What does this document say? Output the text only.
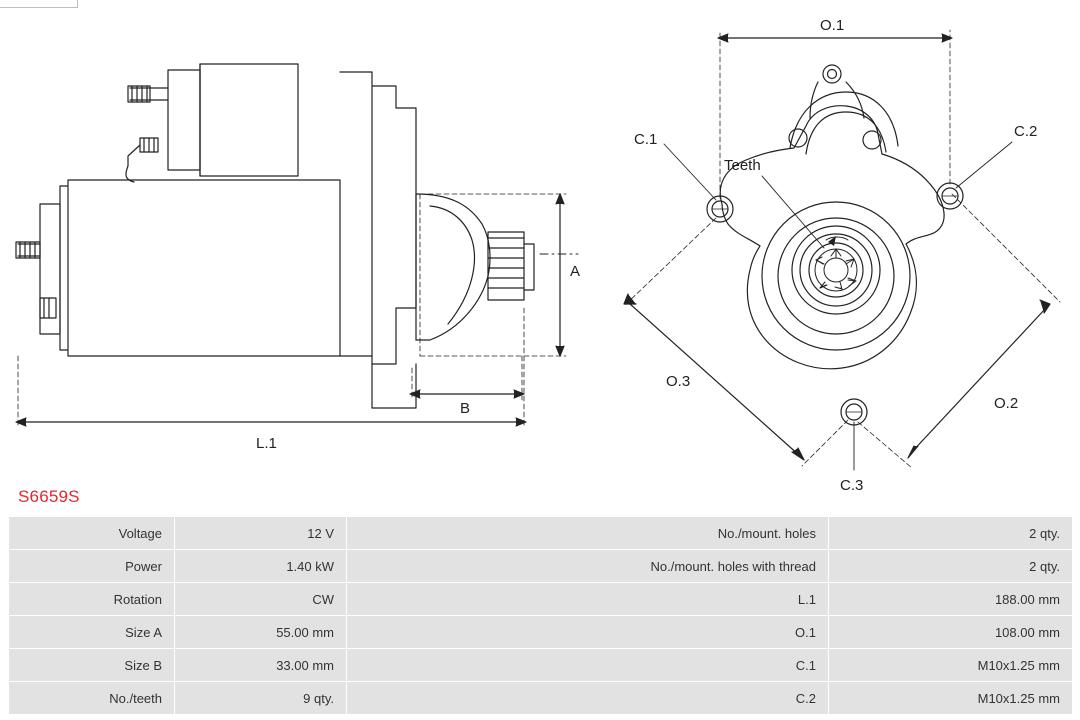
A
B
L.1
O.1
O.2
O.3
C.1	C.2
C.3
Teeth
S6659S
Voltage	12 V	No./mount. holes	2 qty.
Power	1.40 kW	No./mount. holes with thread	2 qty.
Rotation	CW	L.1	188.00 mm
Size A	55.00 mm	O.1	108.00 mm
Size B	33.00 mm	C.1	M10x1.25 mm
No./teeth	9 qty.	C.2	M10x1.25 mm
